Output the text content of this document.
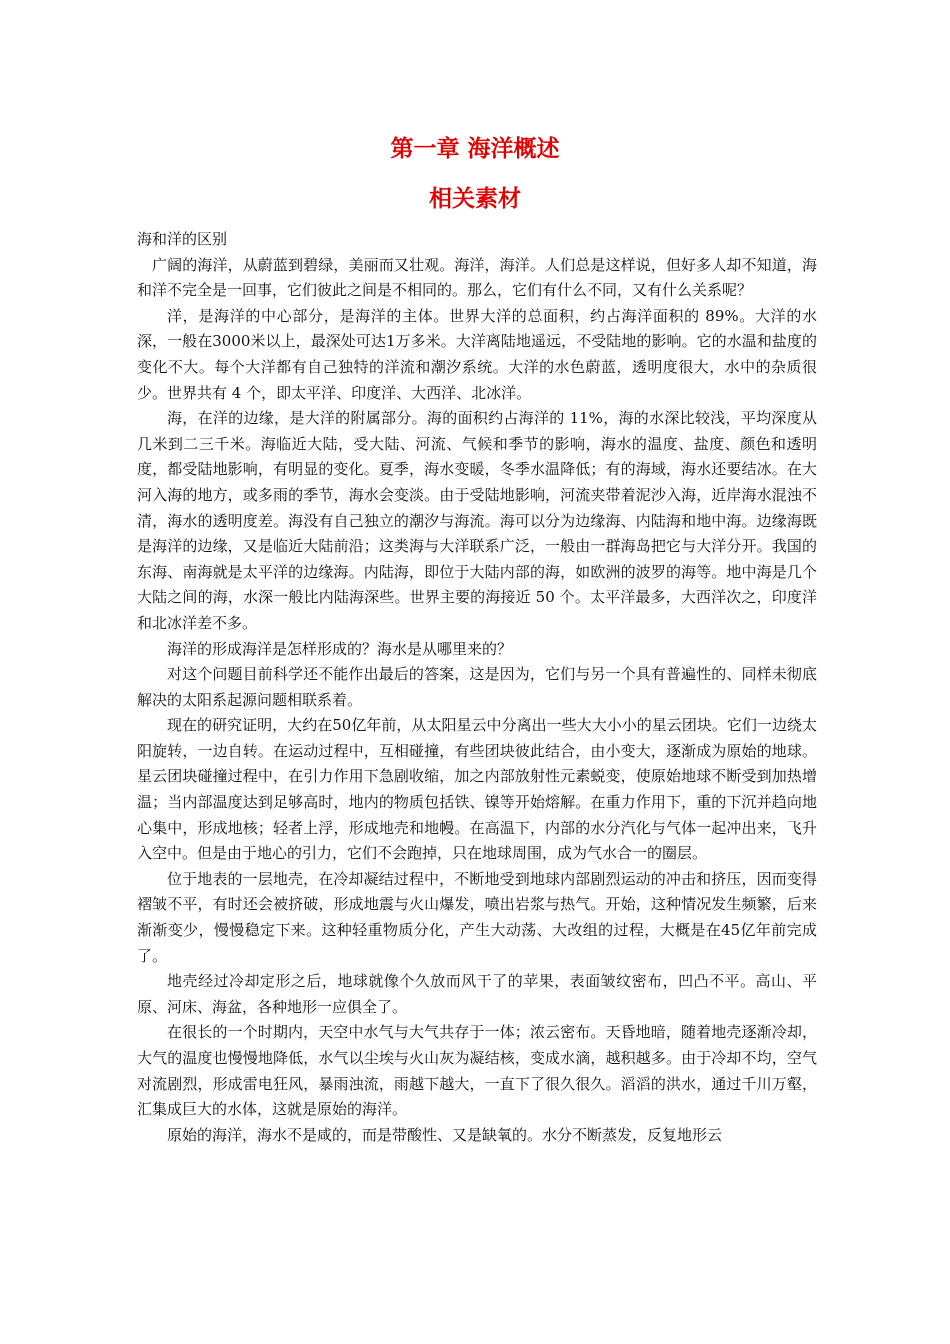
第一章 海洋概述
相关素材

海和洋的区别

广阔的海洋，从蔚蓝到碧绿，美丽而又壮观。海洋，海洋。人们总是这样说，但好多人却不知道，海和洋不完全是一回事，它们彼此之间是不相同的。那么，它们有什么不同，又有什么关系呢？

洋，是海洋的中心部分，是海洋的主体。世界大洋的总面积，约占海洋面积的 89%。大洋的水深，一般在3000米以上，最深处可达1万多米。大洋离陆地遥远，不受陆地的影响。它的水温和盐度的变化不大。每个大洋都有自己独特的洋流和潮汐系统。大洋的水色蔚蓝，透明度很大，水中的杂质很少。世界共有 4 个，即太平洋、印度洋、大西洋、北冰洋。

海，在洋的边缘，是大洋的附属部分。海的面积约占海洋的 11%，海的水深比较浅，平均深度从几米到二三千米。海临近大陆，受大陆、河流、气候和季节的影响，海水的温度、盐度、颜色和透明度，都受陆地影响，有明显的变化。夏季，海水变暖，冬季水温降低；有的海域，海水还要结冰。在大河入海的地方，或多雨的季节，海水会变淡。由于受陆地影响，河流夹带着泥沙入海，近岸海水混浊不清，海水的透明度差。海没有自己独立的潮汐与海流。海可以分为边缘海、内陆海和地中海。边缘海既是海洋的边缘，又是临近大陆前沿；这类海与大洋联系广泛，一般由一群海岛把它与大洋分开。我国的东海、南海就是太平洋的边缘海。内陆海，即位于大陆内部的海，如欧洲的波罗的海等。地中海是几个大陆之间的海，水深一般比内陆海深些。世界主要的海接近 50 个。太平洋最多，大西洋次之，印度洋和北冰洋差不多。

海洋的形成海洋是怎样形成的？海水是从哪里来的？

对这个问题目前科学还不能作出最后的答案，这是因为，它们与另一个具有普遍性的、同样未彻底解决的太阳系起源问题相联系着。

现在的研究证明，大约在50亿年前，从太阳星云中分离出一些大大小小的星云团块。它们一边绕太阳旋转，一边自转。在运动过程中，互相碰撞，有些团块彼此结合，由小变大，逐渐成为原始的地球。星云团块碰撞过程中，在引力作用下急剧收缩，加之内部放射性元素蜕变，使原始地球不断受到加热增温；当内部温度达到足够高时，地内的物质包括铁、镍等开始熔解。在重力作用下，重的下沉并趋向地心集中，形成地核；轻者上浮，形成地壳和地幔。在高温下，内部的水分汽化与气体一起冲出来，飞升入空中。但是由于地心的引力，它们不会跑掉，只在地球周围，成为气水合一的圈层。

位于地表的一层地壳，在冷却凝结过程中，不断地受到地球内部剧烈运动的冲击和挤压，因而变得褶皱不平，有时还会被挤破，形成地震与火山爆发，喷出岩浆与热气。开始，这种情况发生频繁，后来渐渐变少，慢慢稳定下来。这种轻重物质分化，产生大动荡、大改组的过程，大概是在45亿年前完成了。

地壳经过冷却定形之后，地球就像个久放而风干了的苹果，表面皱纹密布，凹凸不平。高山、平原、河床、海盆，各种地形一应俱全了。

在很长的一个时期内，天空中水气与大气共存于一体；浓云密布。天昏地暗，随着地壳逐渐冷却，大气的温度也慢慢地降低，水气以尘埃与火山灰为凝结核，变成水滴，越积越多。由于冷却不均，空气对流剧烈，形成雷电狂风，暴雨浊流，雨越下越大，一直下了很久很久。滔滔的洪水，通过千川万壑，汇集成巨大的水体，这就是原始的海洋。

原始的海洋，海水不是咸的，而是带酸性、又是缺氧的。水分不断蒸发，反复地形云
